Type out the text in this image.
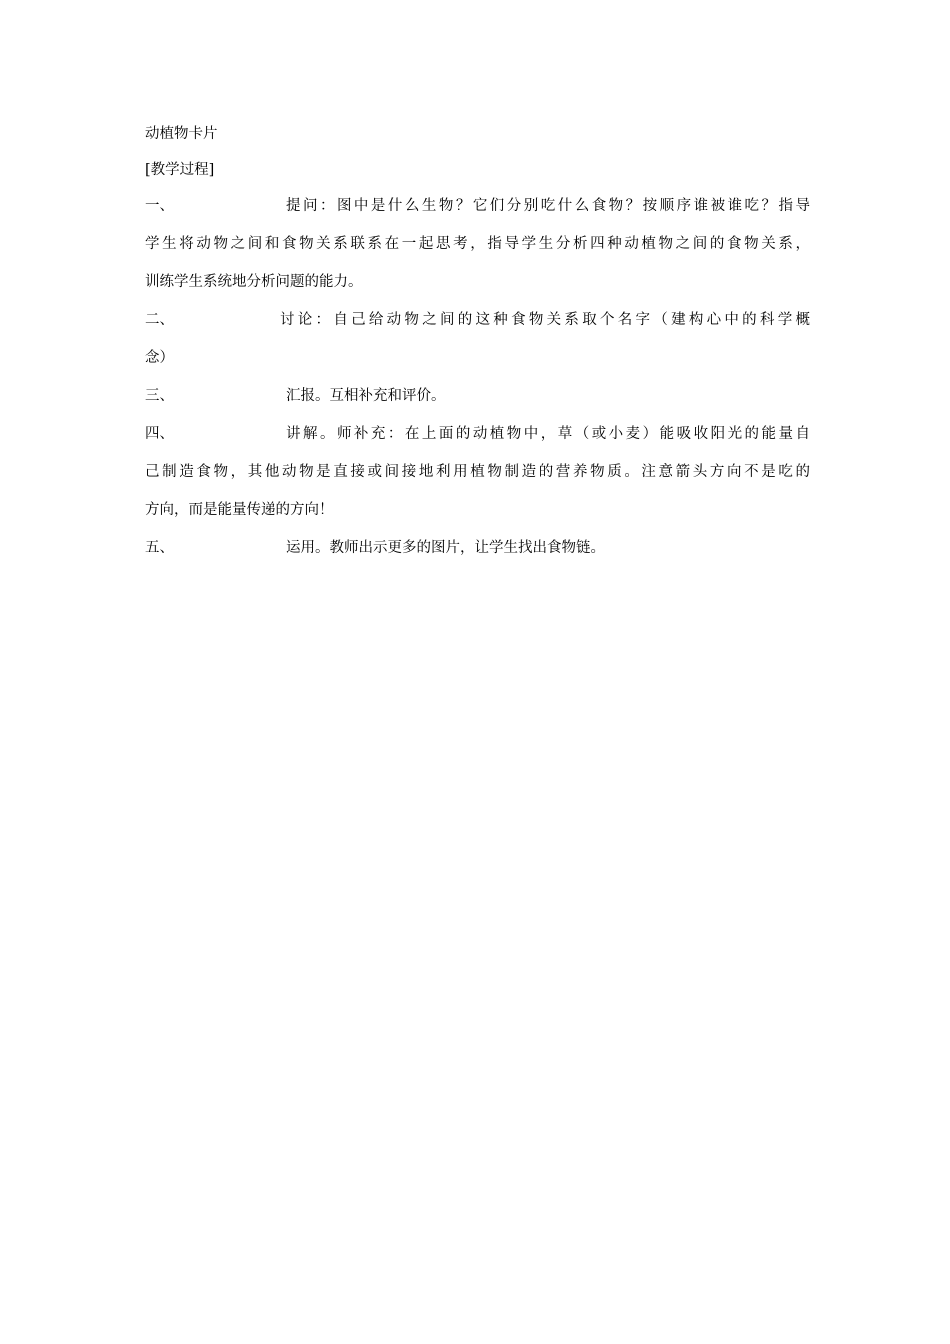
动植物卡片
[教学过程]
一、	提问：图中是什么生物？它们分别吃什么食物？按顺序谁被谁吃？指导
学生将动物之间和食物关系联系在一起思考，指导学生分析四种动植物之间的食物关系，
训练学生系统地分析问题的能力。
二、	讨论：自己给动物之间的这种食物关系取个名字（建构心中的科学概
念）
三、	汇报。互相补充和评价。
四、	讲解。师补充：在上面的动植物中，草（或小麦）能吸收阳光的能量自
己制造食物，其他动物是直接或间接地利用植物制造的营养物质。注意箭头方向不是吃的
方向，而是能量传递的方向！
五、	运用。教师出示更多的图片，让学生找出食物链。
